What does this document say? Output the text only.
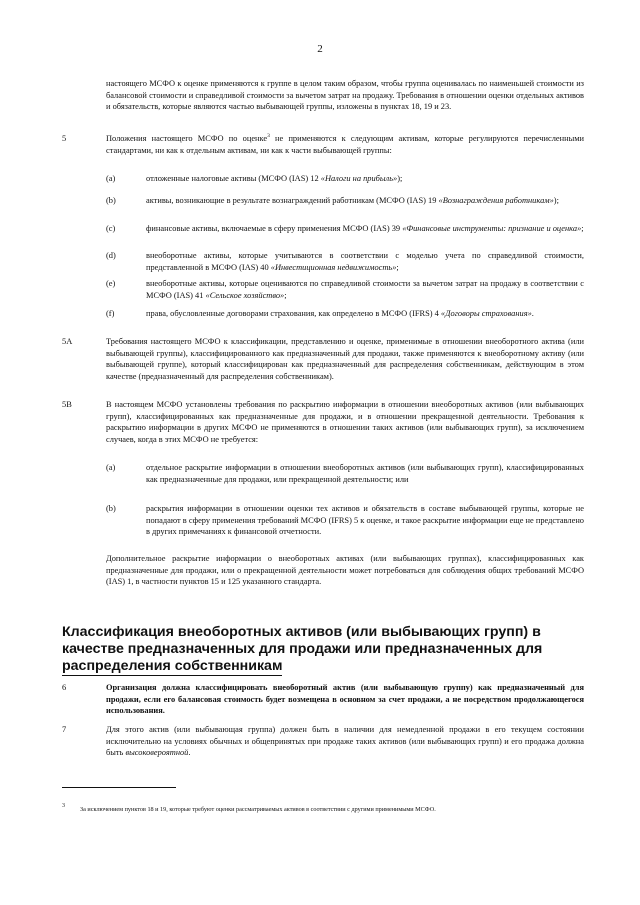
2

настоящего МСФО к оценке применяются к группе в целом таким образом, чтобы группа оценивалась по наименьшей стоимости из балансовой стоимости и справедливой стоимости за вычетом затрат на продажу. Требования в отношении оценки отдельных активов и обязательств, которые являются частью выбывающей группы, изложены в пунктах 18, 19 и 23.

5	Положения настоящего МСФО по оценке$^3$ не применяются к следующим активам, которые регулируются перечисленными стандартами, ни как к отдельным активам, ни как к части выбывающей группы:

(a)	отложенные налоговые активы (МСФО (IAS) 12 «Налоги на прибыль»);

(b)	активы, возникающие в результате вознаграждений работникам (МСФО (IAS) 19 «Вознаграждения работникам»);

(c)	финансовые активы, включаемые в сферу применения МСФО (IAS) 39 «Финансовые инструменты: признание и оценка»;

(d)	внеоборотные активы, которые учитываются в соответствии с моделью учета по справедливой стоимости, представленной в МСФО (IAS) 40 «Инвестиционная недвижимость»;

(e)	внеоборотные активы, которые оцениваются по справедливой стоимости за вычетом затрат на продажу в соответствии с МСФО (IAS) 41 «Сельское хозяйство»;

(f)	права, обусловленные договорами страхования, как определено в МСФО (IFRS) 4 «Договоры страхования».

5A	Требования настоящего МСФО к классификации, представлению и оценке, применимые в отношении внеоборотного актива (или выбывающей группы), классифицированного как предназначенный для продажи, также применяются к внеоборотному активу (или выбывающей группе), который классифицирован как предназначенный для распределения собственникам, действующим в этом качестве (предназначенный для распределения собственникам).

5B	В настоящем МСФО установлены требования по раскрытию информации в отношении внеоборотных активов (или выбывающих групп), классифицированных как предназначенные для продажи, и в отношении прекращенной деятельности. Требования к раскрытию информации в других МСФО не применяются в отношении таких активов (или выбывающих групп), за исключением случаев, когда в этих МСФО не требуется:

(a)	отдельное раскрытие информации в отношении внеоборотных активов (или выбывающих групп), классифицированных как предназначенные для продажи, или прекращенной деятельности; или

(b)	раскрытия информации в отношении оценки тех активов и обязательств в составе выбывающей группы, которые не попадают в сферу применения требований МСФО (IFRS) 5 к оценке, и такое раскрытие информации еще не представлено в других примечаниях к финансовой отчетности.

Дополнительное раскрытие информации о внеоборотных активах (или выбывающих группах), классифицированных как предназначенные для продажи, или о прекращенной деятельности может потребоваться для соблюдения общих требований МСФО (IAS) 1, в частности пунктов 15 и 125 указанного стандарта.

Классификация внеоборотных активов (или выбывающих групп) в
качестве предназначенных для продажи или предназначенных для
распределения собственникам
6	Организация должна классифицировать внеоборотный актив (или выбывающую группу) как предназначенный для продажи, если его балансовая стоимость будет возмещена в основном за счет продажи, а не посредством продолжающегося использования.

7	Для этого актив (или выбывающая группа) должен быть в наличии для немедленной продажи в его текущем состоянии исключительно на условиях обычных и общепринятых при продаже таких активов (или выбывающих групп) и его продажа должна быть высоковероятной.

3 За исключением пунктов 18 и 19, которые требуют оценки рассматриваемых активов в соответствии с другими применимыми МСФО.
